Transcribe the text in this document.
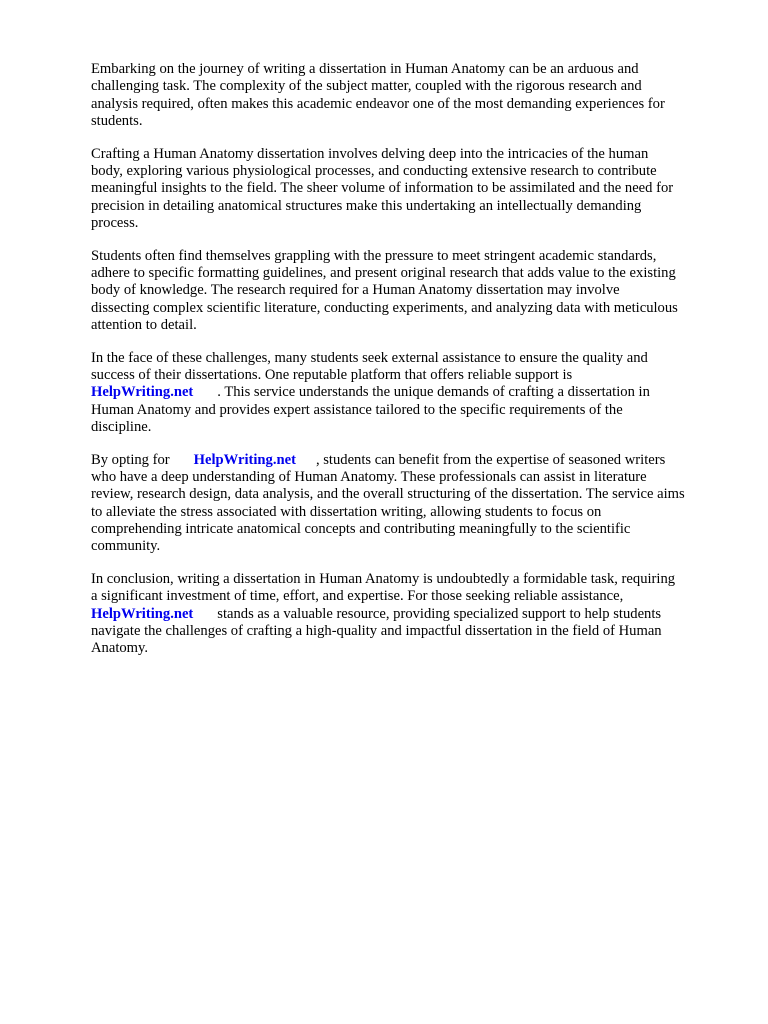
Embarking on the journey of writing a dissertation in Human Anatomy can be an arduous and
challenging task. The complexity of the subject matter, coupled with the rigorous research and
analysis required, often makes this academic endeavor one of the most demanding experiences for
students.

Crafting a Human Anatomy dissertation involves delving deep into the intricacies of the human
body, exploring various physiological processes, and conducting extensive research to contribute
meaningful insights to the field. The sheer volume of information to be assimilated and the need for
precision in detailing anatomical structures make this undertaking an intellectually demanding
process.

Students often find themselves grappling with the pressure to meet stringent academic standards,
adhere to specific formatting guidelines, and present original research that adds value to the existing
body of knowledge. The research required for a Human Anatomy dissertation may involve
dissecting complex scientific literature, conducting experiments, and analyzing data with meticulous
attention to detail.

In the face of these challenges, many students seek external assistance to ensure the quality and
success of their dissertations. One reputable platform that offers reliable support is
HelpWriting.net . This service understands the unique demands of crafting a dissertation in
Human Anatomy and provides expert assistance tailored to the specific requirements of the
discipline.

By opting for HelpWriting.net , students can benefit from the expertise of seasoned writers
who have a deep understanding of Human Anatomy. These professionals can assist in literature
review, research design, data analysis, and the overall structuring of the dissertation. The service aims
to alleviate the stress associated with dissertation writing, allowing students to focus on
comprehending intricate anatomical concepts and contributing meaningfully to the scientific
community.

In conclusion, writing a dissertation in Human Anatomy is undoubtedly a formidable task, requiring
a significant investment of time, effort, and expertise. For those seeking reliable assistance,
HelpWriting.net stands as a valuable resource, providing specialized support to help students
navigate the challenges of crafting a high-quality and impactful dissertation in the field of Human
Anatomy.
